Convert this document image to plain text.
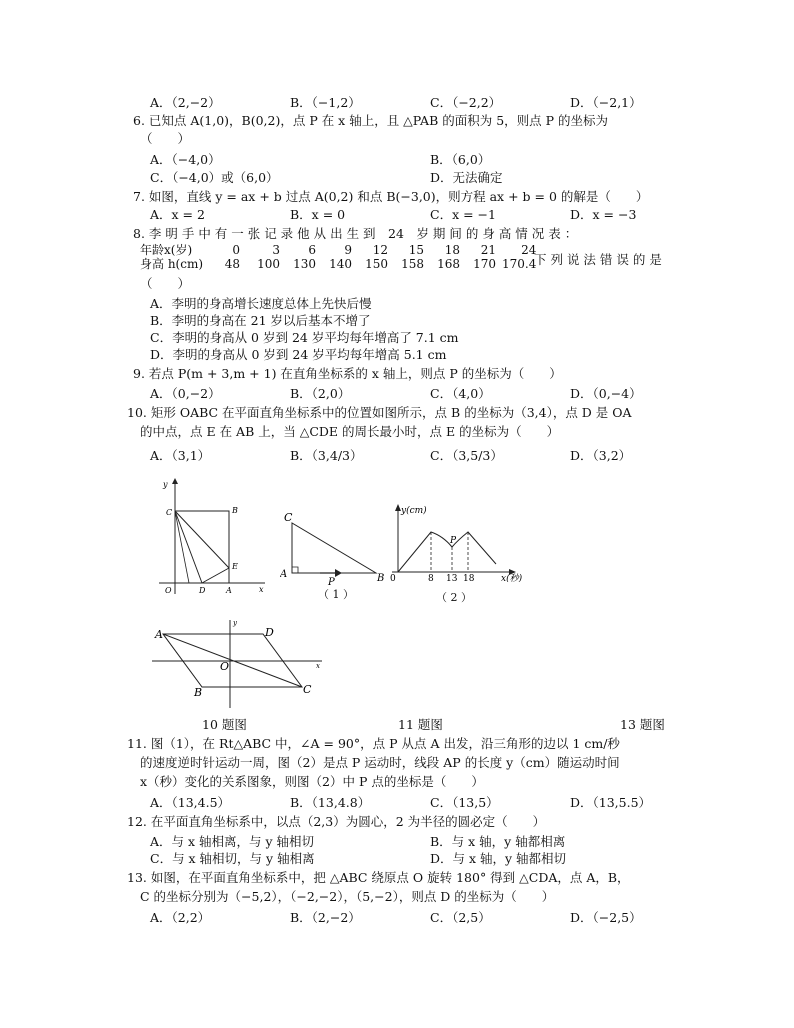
A．（2,−2）	B．（−1,2）	C．（−2,2）	D．（−2,1）
6. 已知点 A(1,0)，B(0,2)，点 P 在 x 轴上，且 △PAB 的面积为 5，则点 P 的坐标为
（　　）
A．（−4,0）	B．（6,0）
C．（−4,0）或（6,0）	D．无法确定
7. 如图，直线 y = ax + b 过点 A(0,2) 和点 B(−3,0)，则方程 ax + b = 0 的解是（　　）
A．x = 2	B．x = 0	C．x = −1	D．x = −3
8. 李 明 手 中 有 一 张 记 录 他 从 出 生 到　24　岁 期 间 的 身 高 情 况 表 ：
年龄x(岁)	0	3	6	9	12	15	18	21	24
身高 h(cm)	48	100	130	140	150	158	168	170	170.4
下 列 说 法 错 误 的 是
（　　）
A．李明的身高增长速度总体上先快后慢
B．李明的身高在 21 岁以后基本不增了
C．李明的身高从 0 岁到 24 岁平均每年增高了 7.1 cm
D．李明的身高从 0 岁到 24 岁平均每年增高 5.1 cm
9. 若点 P(m + 3,m + 1) 在直角坐标系的 x 轴上，则点 P 的坐标为（　　）
A．（0,−2）	B．（2,0）	C．（4,0）	D．（0,−4）
10. 矩形 OABC 在平面直角坐标系中的位置如图所示，点 B 的坐标为（3,4），点 D 是 OA
的中点，点 E 在 AB 上，当 △CDE 的周长最小时，点 E 的坐标为（　　）
A．（3,1）	B．（3,4/3）	C．（3,5/3）	D．（3,2）
y
C	B
E
O	D	A	x
C
A
P	B
（ 1 ）
y(cm)
P
0	8 13 18	x(秒)
（ 2 ）
A	D
O
B	C
y
x
10 题图	11 题图	13 题图
11. 图（1），在 Rt△ABC 中，∠A = 90°，点 P 从点 A 出发，沿三角形的边以 1 cm/秒
的速度逆时针运动一周，图（2）是点 P 运动时，线段 AP 的长度 y（cm）随运动时间
x（秒）变化的关系图象，则图（2）中 P 点的坐标是（　　）
A．（13,4.5）	B．（13,4.8）	C．（13,5）	D．（13,5.5）
12. 在平面直角坐标系中，以点（2,3）为圆心，2 为半径的圆必定（　　）
A．与 x 轴相离，与 y 轴相切	B．与 x 轴，y 轴都相离
C．与 x 轴相切，与 y 轴相离	D．与 x 轴，y 轴都相切
13. 如图，在平面直角坐标系中，把 △ABC 绕原点 O 旋转 180° 得到 △CDA，点 A，B，
C 的坐标分别为（−5,2），（−2,−2），（5,−2），则点 D 的坐标为（　　）
A．（2,2）	B．（2,−2）	C．（2,5）	D．（−2,5）
